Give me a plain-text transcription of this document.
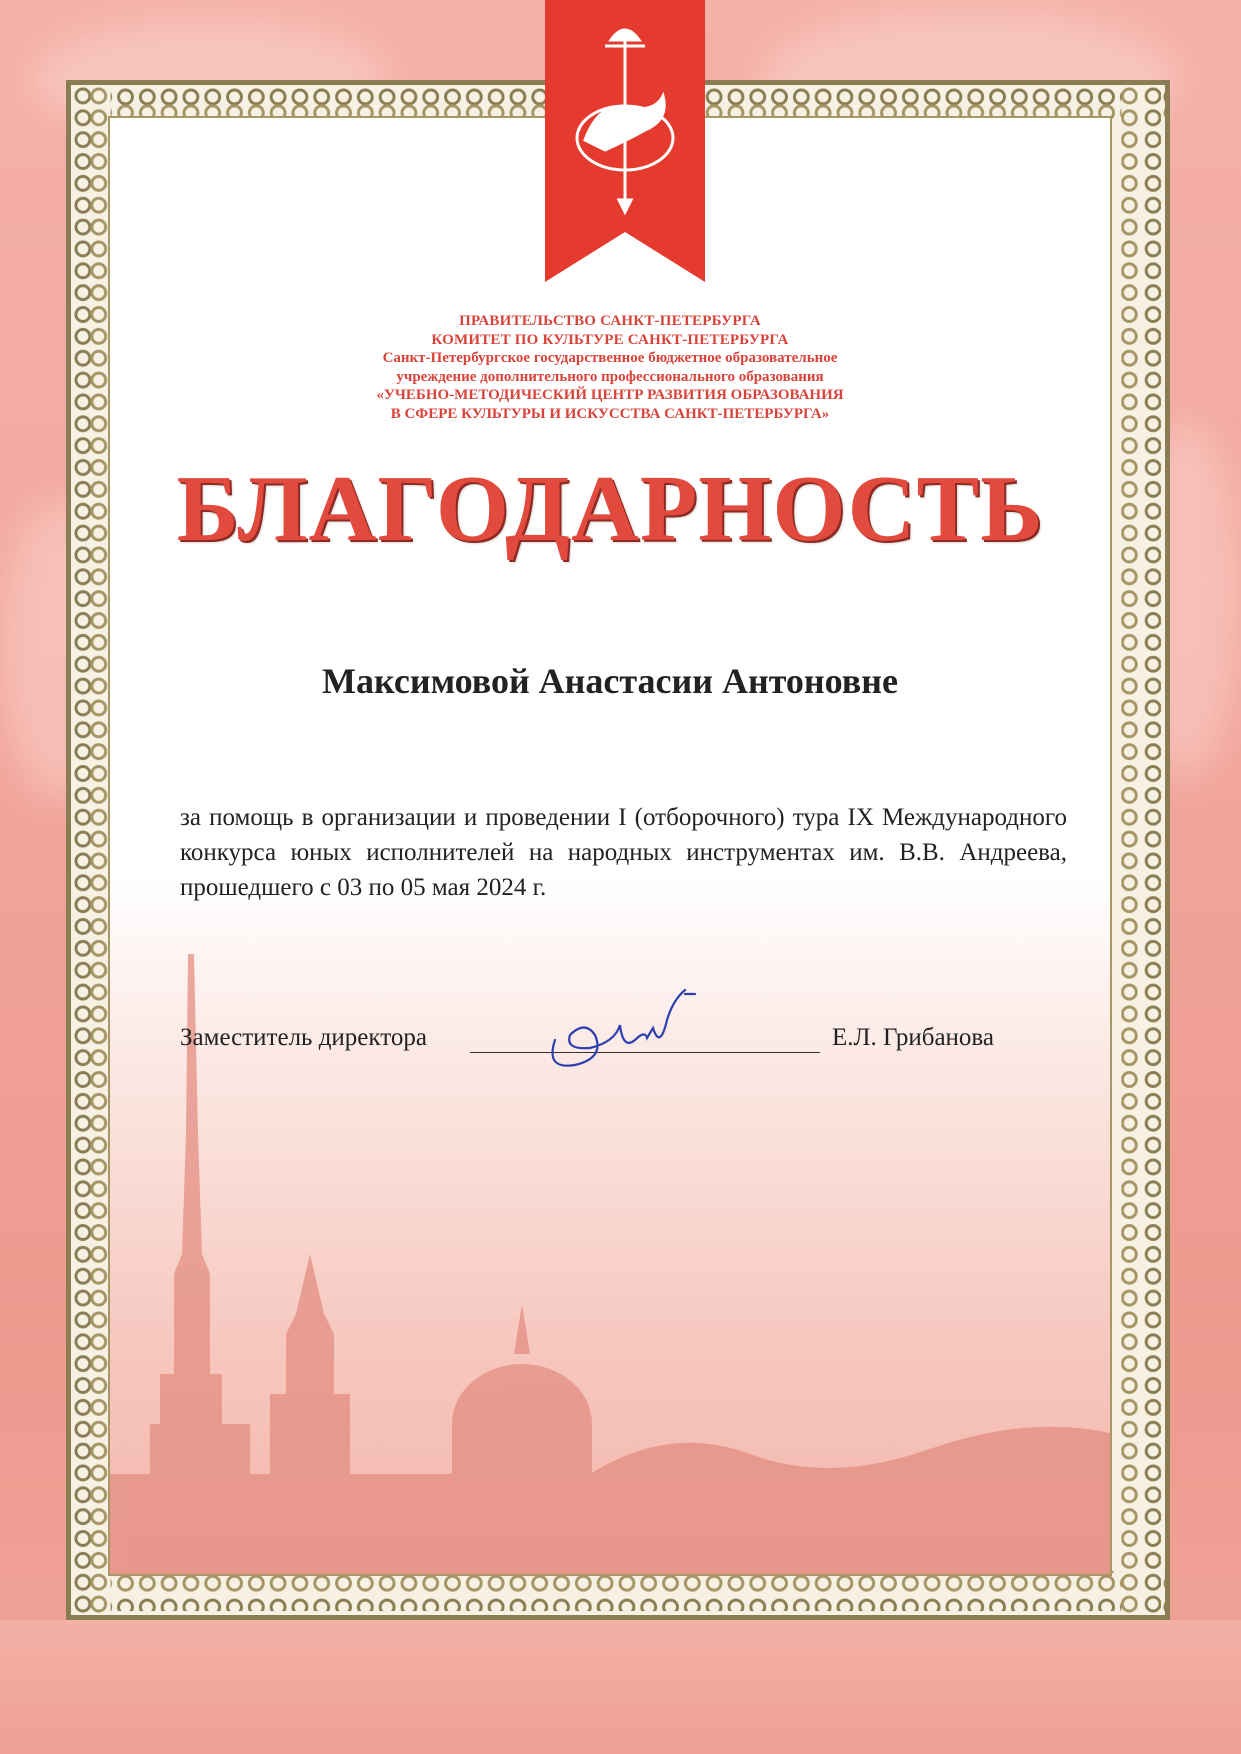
ПРАВИТЕЛЬСТВО САНКТ-ПЕТЕРБУРГА
КОМИТЕТ ПО КУЛЬТУРЕ САНКТ-ПЕТЕРБУРГА
Санкт-Петербургское государственное бюджетное образовательное
учреждение дополнительного профессионального образования
«УЧЕБНО-МЕТОДИЧЕСКИЙ ЦЕНТР РАЗВИТИЯ ОБРАЗОВАНИЯ
В СФЕРЕ КУЛЬТУРЫ И ИСКУССТВА САНКТ-ПЕТЕРБУРГА»
БЛАГОДАРНОСТЬ
Максимовой Анастасии Антоновне
за помощь в организации и проведении I (отборочного) тура IX Международного конкурса юных исполнителей на народных инструментах им. В.В. Андреева, прошедшего с 03 по 05 мая 2024 г.
Заместитель директора	Е.Л. Грибанова
